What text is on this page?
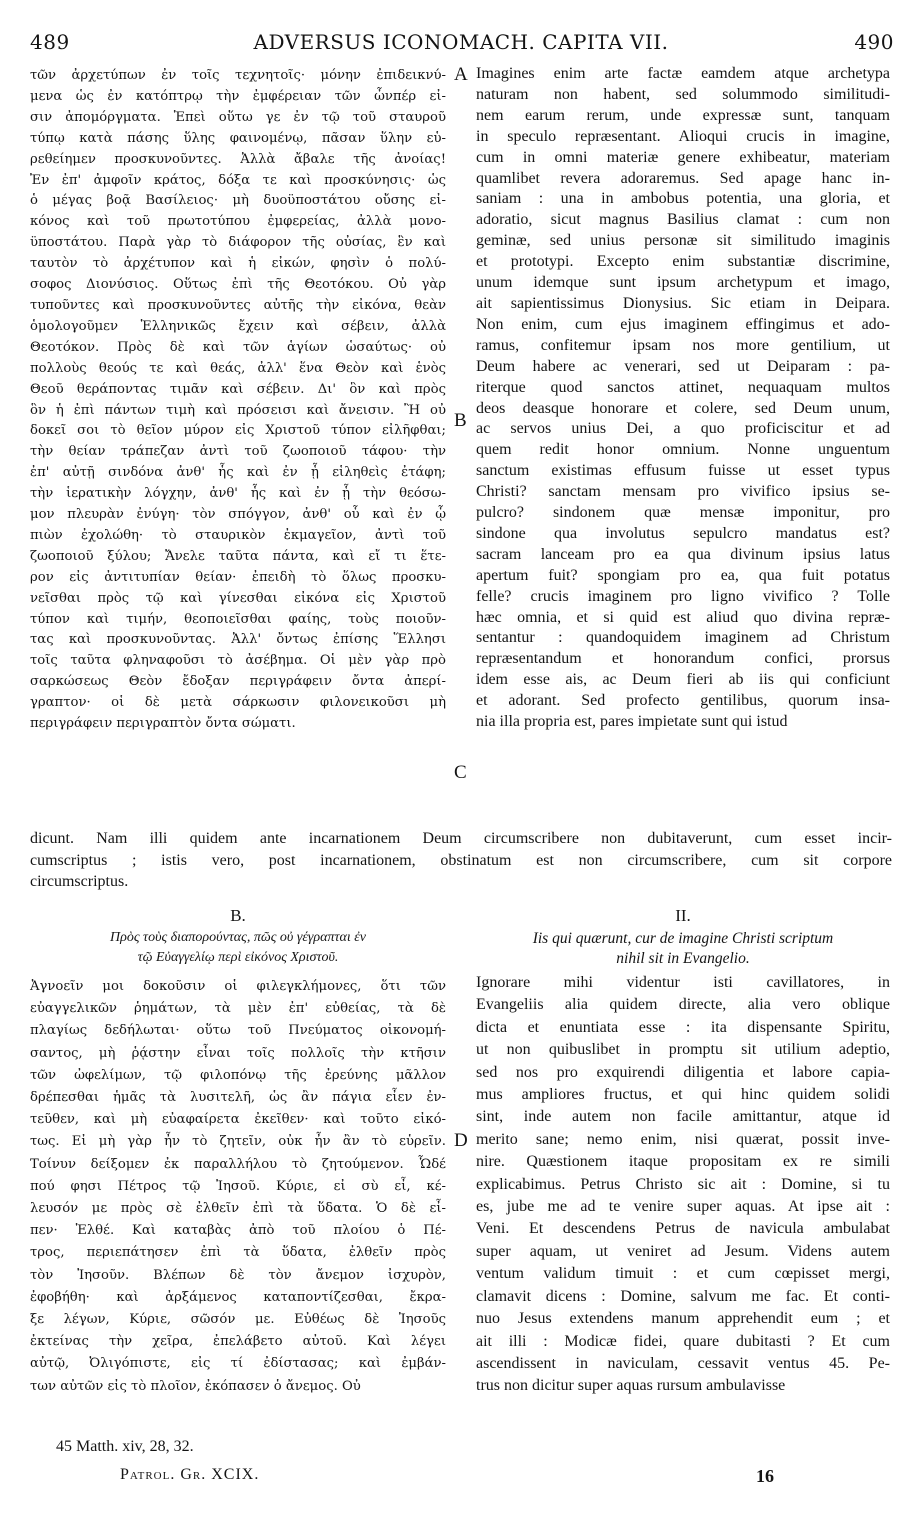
489	ADVERSUS ICONOMACH. CAPITA VII.	490
A
B
C
D
τῶν ἀρχετύπων ἐν τοῖς τεχνητοῖς· μόνην ἐπιδεικνύ-
μενα ὡς ἐν κατόπτρῳ τὴν ἐμφέρειαν τῶν ὦνπέρ εἰ-
σιν ἀπομόργματα. Ἐπεὶ οὕτω γε ἐν τῷ τοῦ σταυροῦ
τύπῳ κατὰ πάσης ὕλης φαινομένῳ, πᾶσαν ὕλην εὑ-
ρεθείημεν προσκυνοῦντες. Ἀλλὰ ἄβαλε τῆς ἀνοίας!
Ἐν ἐπ' ἀμφοῖν κράτος, δόξα τε καὶ προσκύνησις· ὡς
ὁ μέγας βοᾷ Βασίλειος· μὴ δυοϋποστάτου οὔσης εἰ-
κόνος καὶ τοῦ πρωτοτύπου ἐμφερείας, ἀλλὰ μονο-
ϋποστάτου. Παρὰ γὰρ τὸ διάφορον τῆς οὐσίας, ἓν καὶ
ταυτὸν τὸ ἀρχέτυπον καὶ ἡ εἰκών, φησὶν ὁ πολύ-
σοφος Διονύσιος. Οὕτως ἐπὶ τῆς Θεοτόκου. Οὐ γὰρ
τυποῦντες καὶ προσκυνοῦντες αὐτῆς τὴν εἰκόνα, θεὰν
ὁμολογοῦμεν Ἑλληνικῶς ἔχειν καὶ σέβειν, ἀλλὰ
Θεοτόκον. Πρὸς δὲ καὶ τῶν ἁγίων ὡσαύτως· οὐ
πολλοὺς θεούς τε καὶ θεάς, ἀλλ' ἕνα Θεὸν καὶ ἑνὸς
Θεοῦ θεράποντας τιμᾶν καὶ σέβειν. Δι' ὃν καὶ πρὸς
ὃν ἡ ἐπὶ πάντων τιμὴ καὶ πρόσεισι καὶ ἄνεισιν. Ἢ οὐ
δοκεῖ σοι τὸ θεῖον μύρον εἰς Χριστοῦ τύπον εἰλῆφθαι;
τὴν θείαν τράπεζαν ἀντὶ τοῦ ζωοποιοῦ τάφου· τὴν
ἐπ' αὐτῇ σινδόνα ἀνθ' ἧς καὶ ἐν ᾗ εἱληθεὶς ἐτάφη;
τὴν ἱερατικὴν λόγχην, ἀνθ' ἧς καὶ ἐν ᾗ τὴν θεόσω-
μον πλευρὰν ἐνύγη· τὸν σπόγγον, ἀνθ' οὗ καὶ ἐν ᾧ
πιὼν ἐχολώθη· τὸ σταυρικὸν ἐκμαγεῖον, ἀντὶ τοῦ
ζωοποιοῦ ξύλου; Ἄνελε ταῦτα πάντα, καὶ εἴ τι ἕτε-
ρον εἰς ἀντιτυπίαν θείαν· ἐπειδὴ τὸ ὅλως προσκυ-
νεῖσθαι πρὸς τῷ καὶ γίνεσθαι εἰκόνα εἰς Χριστοῦ
τύπον καὶ τιμήν, θεοποιεῖσθαι φαίης, τοὺς ποιοῦν-
τας καὶ προσκυνοῦντας. Ἀλλ' ὄντως ἐπίσης Ἕλλησι
τοῖς ταῦτα φληναφοῦσι τὸ ἀσέβημα. Οἱ μὲν γὰρ πρὸ
σαρκώσεως Θεὸν ἔδοξαν περιγράφειν ὄντα ἀπερί-
γραπτον· οἱ δὲ μετὰ σάρκωσιν φιλονεικοῦσι μὴ
περιγράφειν περιγραπτὸν ὄντα σώματι.
Imagines enim arte factæ eamdem atque archetypa
naturam non habent, sed solummodo similitudi-
nem earum rerum, unde expressæ sunt, tanquam
in speculo repræsentant. Alioqui crucis in imagine,
cum in omni materiæ genere exhibeatur, materiam
quamlibet revera adoraremus. Sed apage hanc in-
saniam : una in ambobus potentia, una gloria, et
adoratio, sicut magnus Basilius clamat : cum non
geminæ, sed unius personæ sit similitudo imaginis
et prototypi. Excepto enim substantiæ discrimine,
unum idemque sunt ipsum archetypum et imago,
ait sapientissimus Dionysius. Sic etiam in Deipara.
Non enim, cum ejus imaginem effingimus et ado-
ramus, confitemur ipsam nos more gentilium, ut
Deum habere ac venerari, sed ut Deiparam : pa-
riterque quod sanctos attinet, nequaquam multos
deos deasque honorare et colere, sed Deum unum,
ac servos unius Dei, a quo proficiscitur et ad
quem redit honor omnium. Nonne unguentum
sanctum existimas effusum fuisse ut esset typus
Christi? sanctam mensam pro vivifico ipsius se-
pulcro? sindonem quæ mensæ imponitur, pro
sindone qua involutus sepulcro mandatus est?
sacram lanceam pro ea qua divinum ipsius latus
apertum fuit? spongiam pro ea, qua fuit potatus
felle? crucis imaginem pro ligno vivifico ? Tolle
hæc omnia, et si quid est aliud quo divina repræ-
sentantur : quandoquidem imaginem ad Christum
repræsentandum et honorandum confici, prorsus
idem esse ais, ac Deum fieri ab iis qui conficiunt
et adorant. Sed profecto gentilibus, quorum insa-
nia illa propria est, pares impietate sunt qui istud
dicunt. Nam illi quidem ante incarnationem Deum circumscribere non dubitaverunt, cum esset incir-
cumscriptus ; istis vero, post incarnationem, obstinatum est non circumscribere, cum sit corpore
circumscriptus.
Β.
Πρὸς τοὺς διαπορούντας, πῶς οὐ γέγραπται ἐν
τῷ Εὐαγγελίῳ περὶ εἰκόνος Χριστοῦ.
II.
Iis qui quærunt, cur de imagine Christi scriptum
nihil sit in Evangelio.
Ἀγνοεῖν μοι δοκοῦσιν οἱ φιλεγκλήμονες, ὅτι τῶν
εὐαγγελικῶν ῥημάτων, τὰ μὲν ἐπ' εὐθείας, τὰ δὲ
πλαγίως δεδήλωται· οὕτω τοῦ Πνεύματος οἰκονομή-
σαντος, μὴ ῥᾴστην εἶναι τοῖς πολλοῖς τὴν κτῆσιν
τῶν ὠφελίμων, τῷ φιλοπόνῳ τῆς ἐρεύνης μᾶλλον
δρέπεσθαι ἡμᾶς τὰ λυσιτελῆ, ὡς ἂν πάγια εἶεν ἐν-
τεῦθεν, καὶ μὴ εὐαφαίρετα ἐκεῖθεν· καὶ τοῦτο εἰκό-
τως. Εἰ μὴ γὰρ ἦν τὸ ζητεῖν, οὐκ ἦν ἂν τὸ εὑρεῖν.
Τοίνυν δείξομεν ἐκ παραλλήλου τὸ ζητούμενον. Ὧδέ
πού φησι Πέτρος τῷ Ἰησοῦ. Κύριε, εἰ σὺ εἶ, κέ-
λευσόν με πρὸς σὲ ἐλθεῖν ἐπὶ τὰ ὕδατα. Ὁ δὲ εἶ-
πεν· Ἐλθέ. Καὶ καταβὰς ἀπὸ τοῦ πλοίου ὁ Πέ-
τρος, περιεπάτησεν ἐπὶ τὰ ὕδατα, ἐλθεῖν πρὸς
τὸν Ἰησοῦν. Βλέπων δὲ τὸν ἄνεμον ἰσχυρὸν,
ἐφοβήθη· καὶ ἀρξάμενος καταποντίζεσθαι, ἔκρα-
ξε λέγων, Κύριε, σῶσόν με. Εὐθέως δὲ Ἰησοῦς
ἐκτείνας τὴν χεῖρα, ἐπελάβετο αὐτοῦ. Καὶ λέγει
αὐτῷ, Ὀλιγόπιστε, εἰς τί ἐδίστασας; καὶ ἐμβάν-
των αὐτῶν εἰς τὸ πλοῖον, ἐκόπασεν ὁ ἄνεμος. Οὐ
Ignorare mihi videntur isti cavillatores, in
Evangeliis alia quidem directe, alia vero oblique
dicta et enuntiata esse : ita dispensante Spiritu,
ut non quibuslibet in promptu sit utilium adeptio,
sed nos pro exquirendi diligentia et labore capia-
mus ampliores fructus, et qui hinc quidem solidi
sint, inde autem non facile amittantur, atque id
merito sane; nemo enim, nisi quærat, possit inve-
nire. Quæstionem itaque propositam ex re simili
explicabimus. Petrus Christo sic ait : Domine, si tu
es, jube me ad te venire super aquas. At ipse ait :
Veni. Et descendens Petrus de navicula ambulabat
super aquam, ut veniret ad Jesum. Videns autem
ventum validum timuit : et cum cœpisset mergi,
clamavit dicens : Domine, salvum me fac. Et conti-
nuo Jesus extendens manum apprehendit eum ; et
ait illi : Modicæ fidei, quare dubitasti ? Et cum
ascendissent in naviculam, cessavit ventus 45. Pe-
trus non dicitur super aquas rursum ambulavisse
45 Matth. xiv, 28, 32.
Patrol. Gr. XCIX.	16
